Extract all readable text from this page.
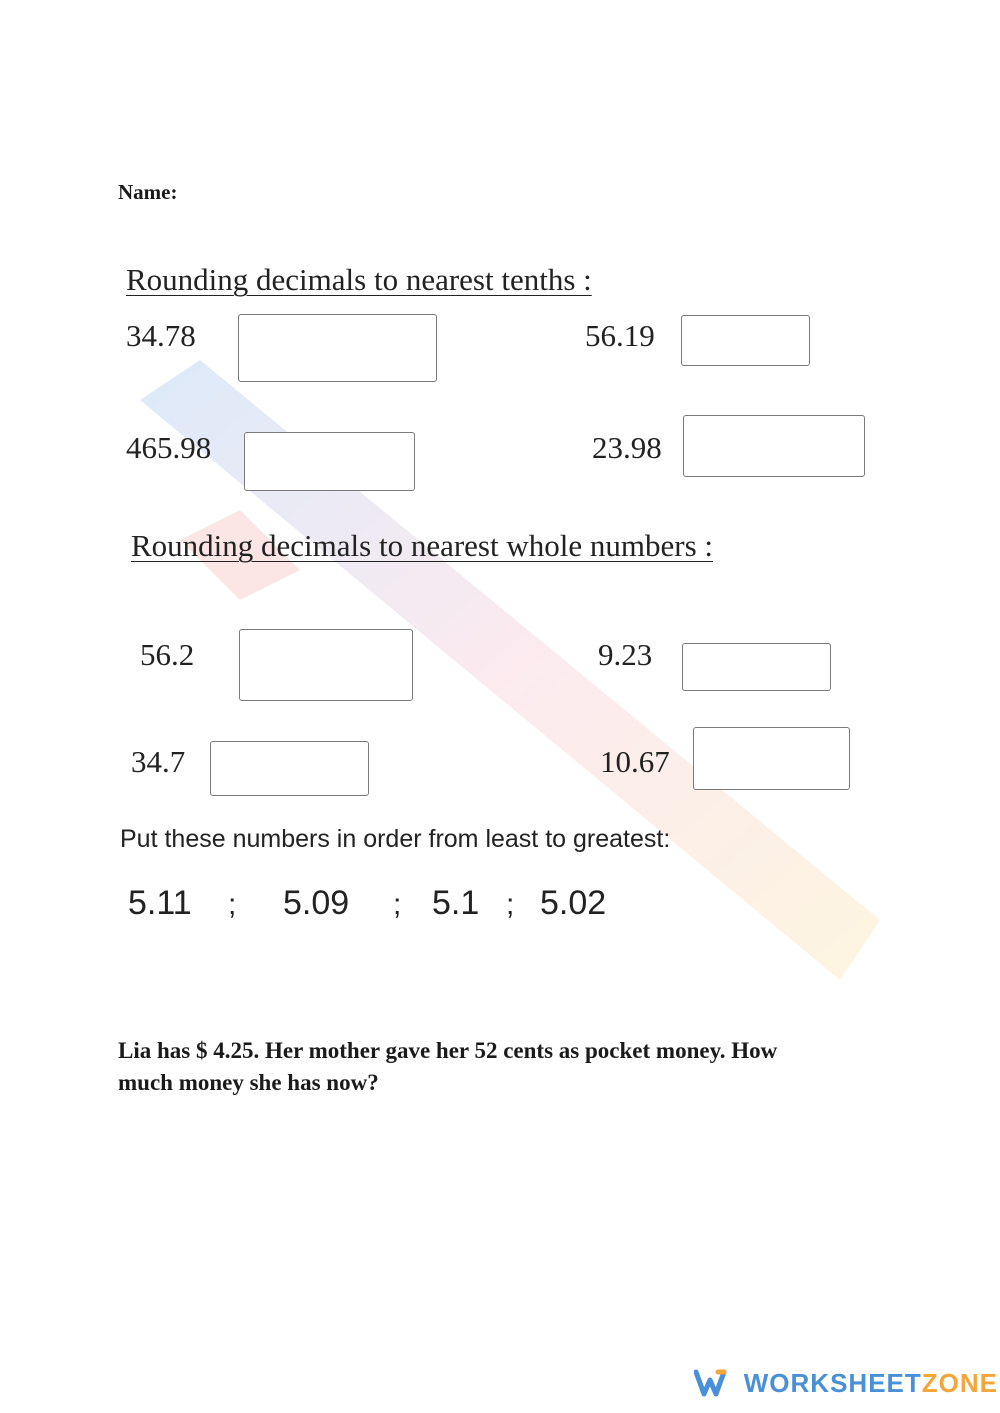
Name:
Rounding decimals to nearest tenths :
34.78	56.19
465.98	23.98
Rounding decimals to nearest whole numbers :
56.2	9.23
34.7	10.67
Put these numbers in order from least to greatest:
5.11 ; 5.09 ; 5.1 ; 5.02
Lia has $ 4.25. Her mother gave her 52 cents as pocket money. How
much money she has now?
WORKSHEETZONE
